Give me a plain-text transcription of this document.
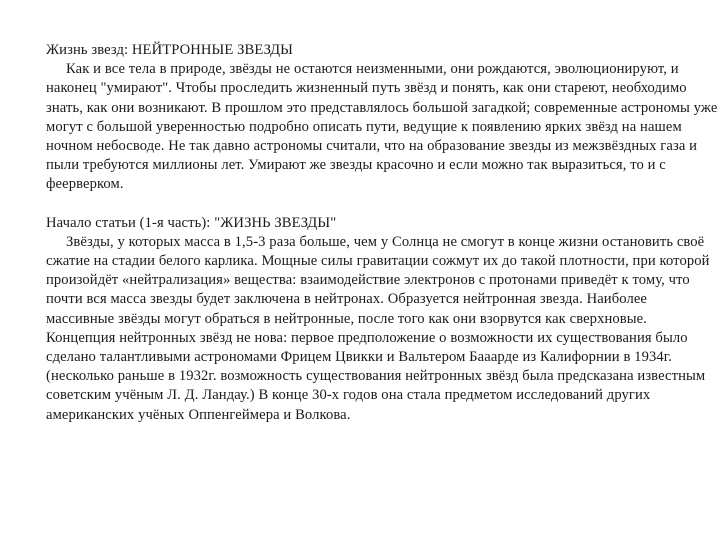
Жизнь звезд: НЕЙТРОННЫЕ ЗВЕЗДЫ

Как и все тела в природе, звёзды не остаются неизменными, они рождаются, эволюционируют, и наконец "умирают". Чтобы проследить жизненный путь звёзд и понять, как они стареют, необходимо знать, как они возникают. В прошлом это представлялось большой загадкой; современные астрономы уже могут с большой уверенностью подробно описать пути, ведущие к появлению ярких звёзд на нашем ночном небосводе. Не так давно астрономы считали, что на образование звезды из межзвёздных газа и пыли требуются миллионы лет. Умирают же звезды красочно и если можно так выразиться, то и с феерверком.

Начало статьи (1-я часть): "ЖИЗНЬ ЗВЕЗДЫ"

Звёзды, у которых масса в 1,5-3 раза больше, чем у Солнца не смогут в конце жизни остановить своё сжатие на стадии белого карлика. Мощные силы гравитации сожмут их до такой плотности, при которой произойдёт «нейтрализация» вещества: взаимодействие электронов с протонами приведёт к тому, что почти вся масса звезды будет заключена в нейтронах. Образуется нейтронная звезда. Наиболее массивные звёзды могут обраться в нейтронные, после того как они взорвутся как сверхновые. Концепция нейтронных звёзд не нова: первое предположение о возможности их существования было сделано талантливыми астрономами Фрицем Цвикки и Вальтером Бааарде из Калифорнии в 1934г. (несколько раньше в 1932г. возможность существования нейтронных звёзд была предсказана известным советским учёным Л. Д. Ландау.) В конце 30-х годов она стала предметом исследований других американских учёных Оппенгеймера и Волкова.
